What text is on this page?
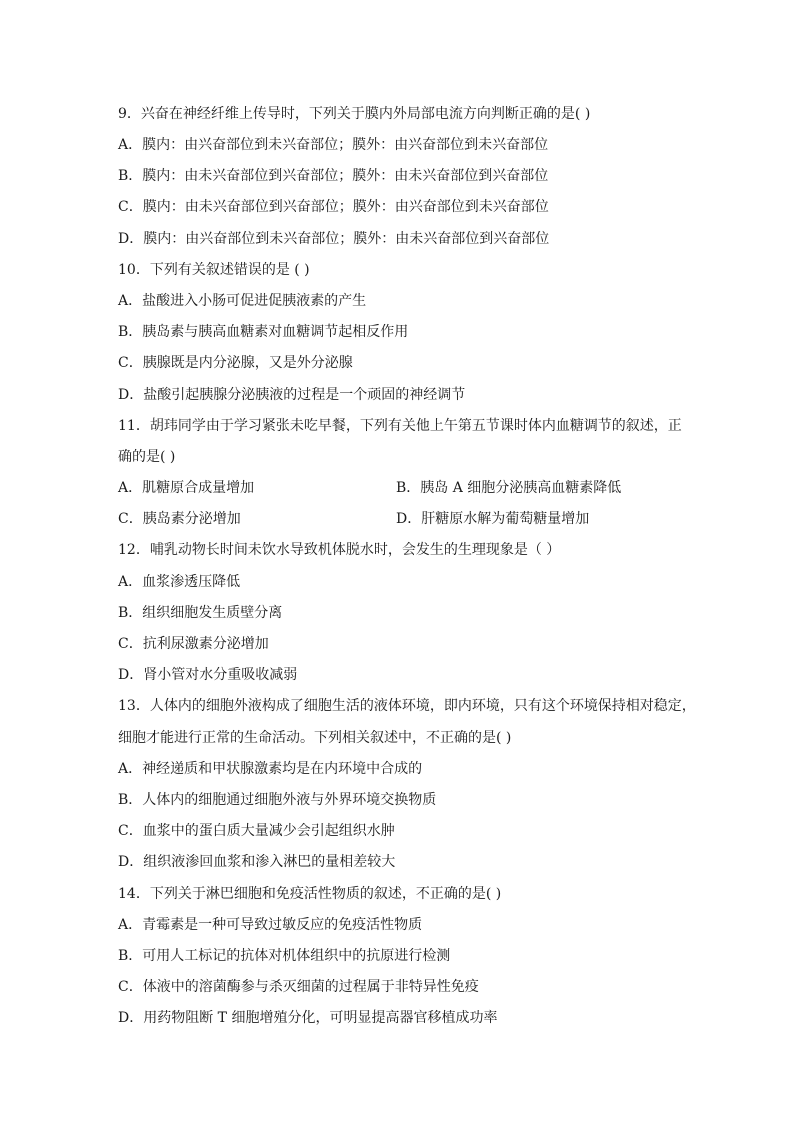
9．兴奋在神经纤维上传导时，下列关于膜内外局部电流方向判断正确的是( )
A．膜内：由兴奋部位到未兴奋部位；膜外：由兴奋部位到未兴奋部位
B．膜内：由未兴奋部位到兴奋部位；膜外：由未兴奋部位到兴奋部位
C．膜内：由未兴奋部位到兴奋部位；膜外：由兴奋部位到未兴奋部位
D．膜内：由兴奋部位到未兴奋部位；膜外：由未兴奋部位到兴奋部位
10．下列有关叙述错误的是 ( )
A．盐酸进入小肠可促进促胰液素的产生
B．胰岛素与胰高血糖素对血糖调节起相反作用
C．胰腺既是内分泌腺，又是外分泌腺
D．盐酸引起胰腺分泌胰液的过程是一个顽固的神经调节
11．胡玮同学由于学习紧张未吃早餐，下列有关他上午第五节课时体内血糖调节的叙述，正
确的是( )
A．肌糖原合成量增加	B．胰岛 A 细胞分泌胰高血糖素降低
C．胰岛素分泌增加	D．肝糖原水解为葡萄糖量增加
12．哺乳动物长时间未饮水导致机体脱水时，会发生的生理现象是（ ）
A．血浆渗透压降低
B．组织细胞发生质壁分离
C．抗利尿激素分泌增加
D．肾小管对水分重吸收减弱
13．人体内的细胞外液构成了细胞生活的液体环境，即内环境，只有这个环境保持相对稳定，
细胞才能进行正常的生命活动。下列相关叙述中，不正确的是( )
A．神经递质和甲状腺激素均是在内环境中合成的
B．人体内的细胞通过细胞外液与外界环境交换物质
C．血浆中的蛋白质大量减少会引起组织水肿
D．组织液渗回血浆和渗入淋巴的量相差较大
14．下列关于淋巴细胞和免疫活性物质的叙述，不正确的是( )
A．青霉素是一种可导致过敏反应的免疫活性物质
B．可用人工标记的抗体对机体组织中的抗原进行检测
C．体液中的溶菌酶参与杀灭细菌的过程属于非特异性免疫
D．用药物阻断 T 细胞增殖分化，可明显提高器官移植成功率
